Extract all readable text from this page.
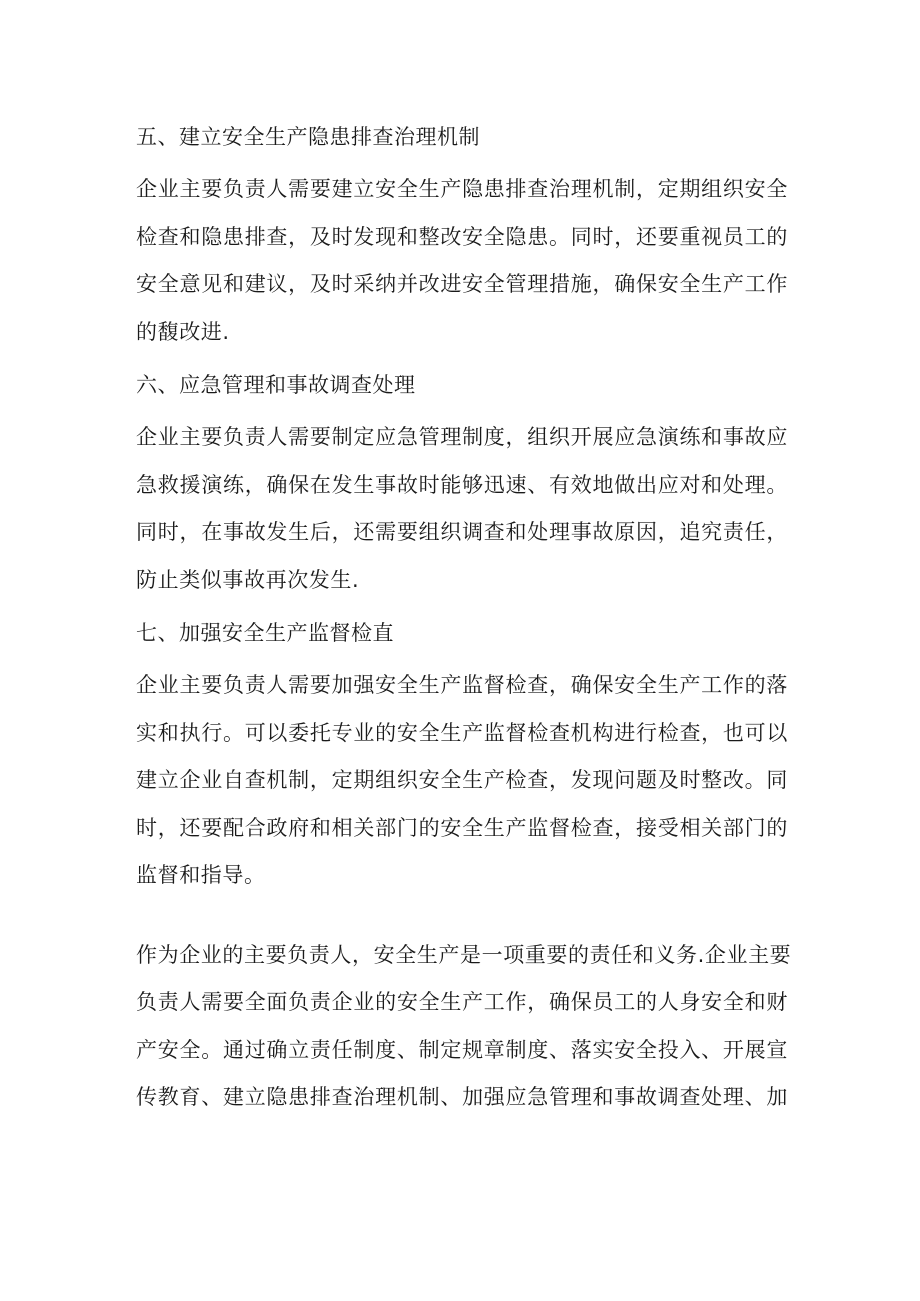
五、建立安全生产隐患排查治理机制
企业主要负责人需要建立安全生产隐患排查治理机制，定期组织安全
检查和隐患排查，及时发现和整改安全隐患。同时，还要重视员工的
安全意见和建议，及时采纳并改进安全管理措施，确保安全生产工作
的馥改进.
六、应急管理和事故调查处理
企业主要负责人需要制定应急管理制度，组织开展应急演练和事故应
急救援演练，确保在发生事故时能够迅速、有效地做出应对和处理。
同时，在事故发生后，还需要组织调查和处理事故原因，追究责任，
防止类似事故再次发生.
七、加强安全生产监督检直
企业主要负责人需要加强安全生产监督检查，确保安全生产工作的落
实和执行。可以委托专业的安全生产监督检查机构进行检查，也可以
建立企业自查机制，定期组织安全生产检查，发现问题及时整改。同
时，还要配合政府和相关部门的安全生产监督检查，接受相关部门的
监督和指导。
作为企业的主要负责人，安全生产是一项重要的责任和义务.企业主要
负责人需要全面负责企业的安全生产工作，确保员工的人身安全和财
产安全。通过确立责任制度、制定规章制度、落实安全投入、开展宣
传教育、建立隐患排查治理机制、加强应急管理和事故调查处理、加
